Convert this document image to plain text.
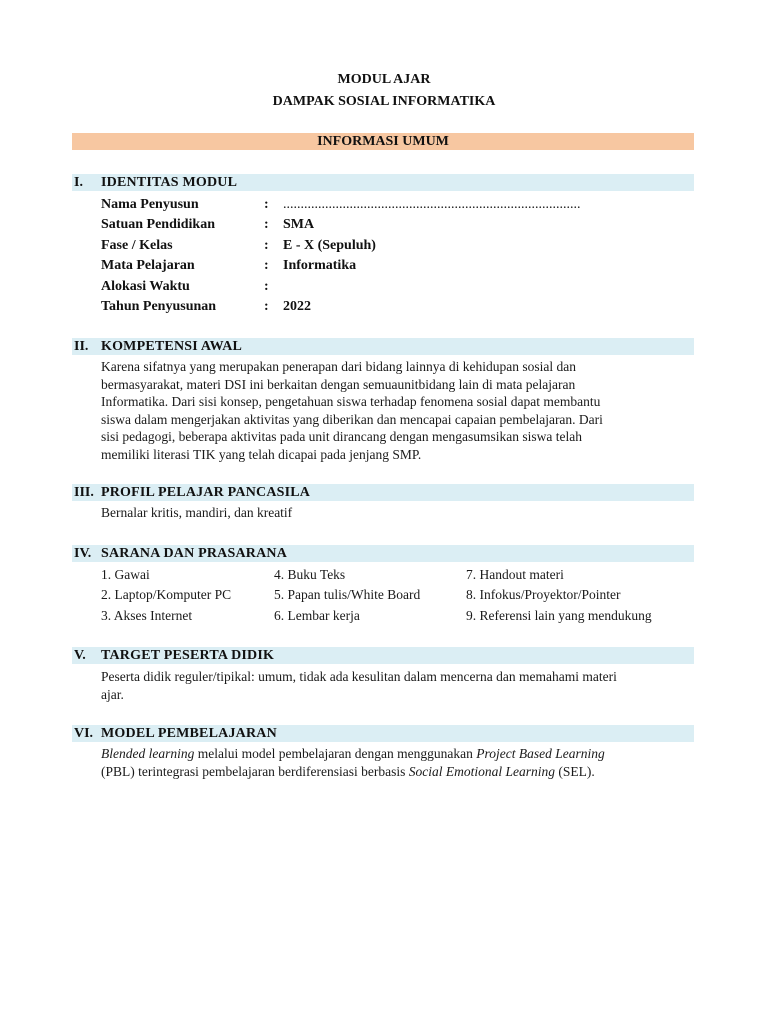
MODUL AJAR
DAMPAK SOSIAL INFORMATIKA
INFORMASI UMUM
I. IDENTITAS MODUL
Nama Penyusun	: .....................................................................................
Satuan Pendidikan	: SMA
Fase / Kelas	: E - X (Sepuluh)
Mata Pelajaran	: Informatika
Alokasi Waktu	:
Tahun Penyusunan	: 2022
II. KOMPETENSI AWAL
Karena sifatnya yang merupakan penerapan dari bidang lainnya di kehidupan sosial dan
bermasyarakat, materi DSI ini berkaitan dengan semuaunitbidang lain di mata pelajaran
Informatika. Dari sisi konsep, pengetahuan siswa terhadap fenomena sosial dapat membantu
siswa dalam mengerjakan aktivitas yang diberikan dan mencapai capaian pembelajaran. Dari
sisi pedagogi, beberapa aktivitas pada unit dirancang dengan mengasumsikan siswa telah
memiliki literasi TIK yang telah dicapai pada jenjang SMP.
III. PROFIL PELAJAR PANCASILA
Bernalar kritis, mandiri, dan kreatif
IV. SARANA DAN PRASARANA
1. Gawai	4. Buku Teks	7. Handout materi
2. Laptop/Komputer PC	5. Papan tulis/White Board	8. Infokus/Proyektor/Pointer
3. Akses Internet	6. Lembar kerja	9. Referensi lain yang mendukung
V. TARGET PESERTA DIDIK
Peserta didik reguler/tipikal: umum, tidak ada kesulitan dalam mencerna dan memahami materi
ajar.
VI. MODEL PEMBELAJARAN
Blended learning melalui model pembelajaran dengan menggunakan Project Based Learning
(PBL) terintegrasi pembelajaran berdiferensiasi berbasis Social Emotional Learning (SEL).
